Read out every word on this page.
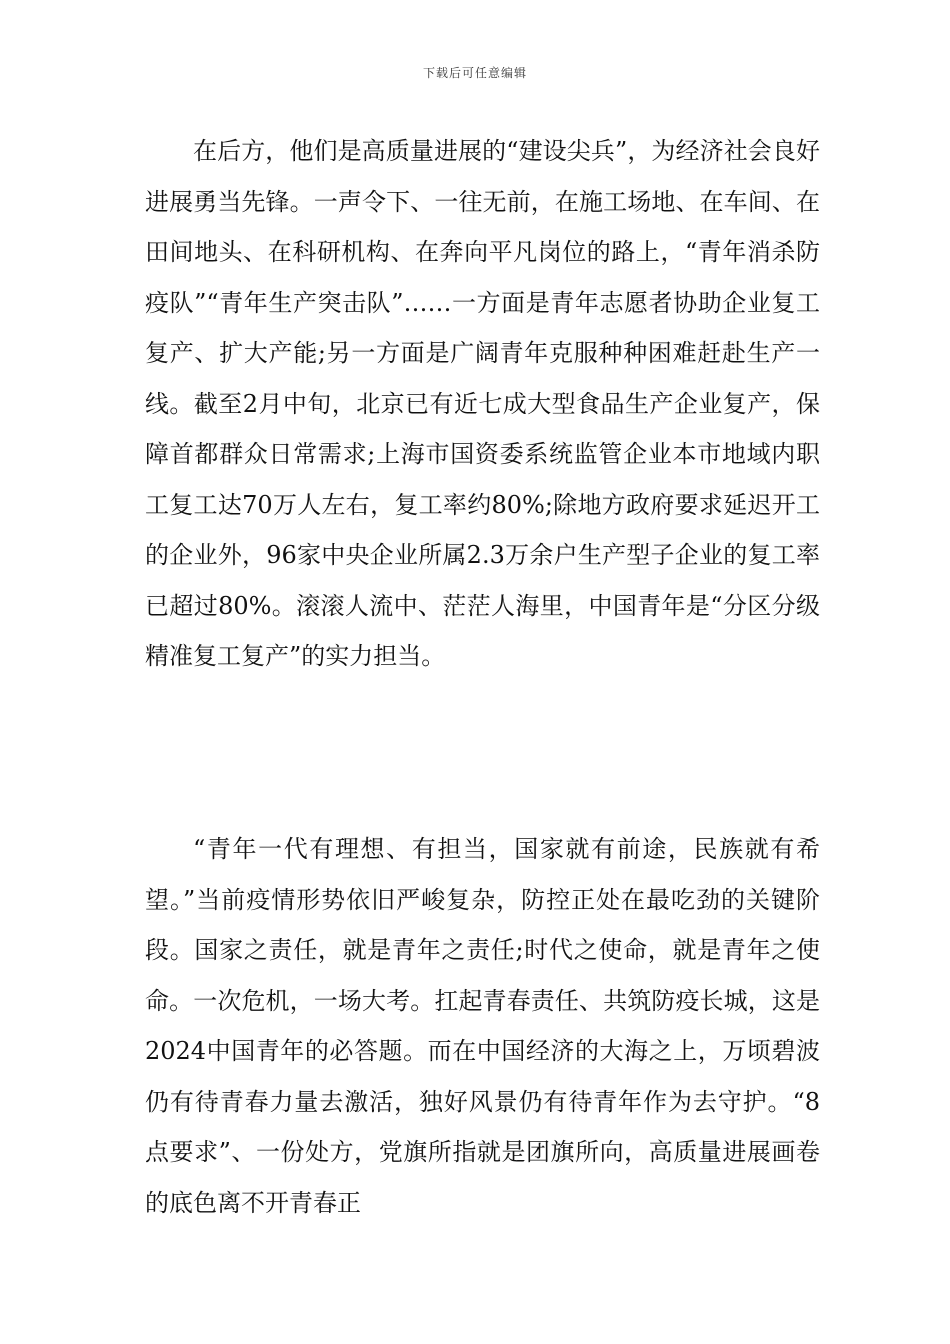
下载后可任意编辑

在后方，他们是高质量进展的“建设尖兵”，为经济社会良好进展勇当先锋。一声令下、一往无前，在施工场地、在车间、在田间地头、在科研机构、在奔向平凡岗位的路上，“青年消杀防疫队”“青年生产突击队”……一方面是青年志愿者协助企业复工复产、扩大产能;另一方面是广阔青年克服种种困难赶赴生产一线。截至2月中旬，北京已有近七成大型食品生产企业复产，保障首都群众日常需求;上海市国资委系统监管企业本市地域内职工复工达70万人左右，复工率约80%;除地方政府要求延迟开工的企业外，96家中央企业所属2.3万余户生产型子企业的复工率已超过80%。滚滚人流中、茫茫人海里，中国青年是“分区分级精准复工复产”的实力担当。

“青年一代有理想、有担当，国家就有前途，民族就有希望。”当前疫情形势依旧严峻复杂，防控正处在最吃劲的关键阶段。国家之责任，就是青年之责任;时代之使命，就是青年之使命。一次危机，一场大考。扛起青春责任、共筑防疫长城，这是2024中国青年的必答题。而在中国经济的大海之上，万顷碧波仍有待青春力量去激活，独好风景仍有待青年作为去守护。“8点要求”、一份处方，党旗所指就是团旗所向，高质量进展画卷的底色离不开青春正
